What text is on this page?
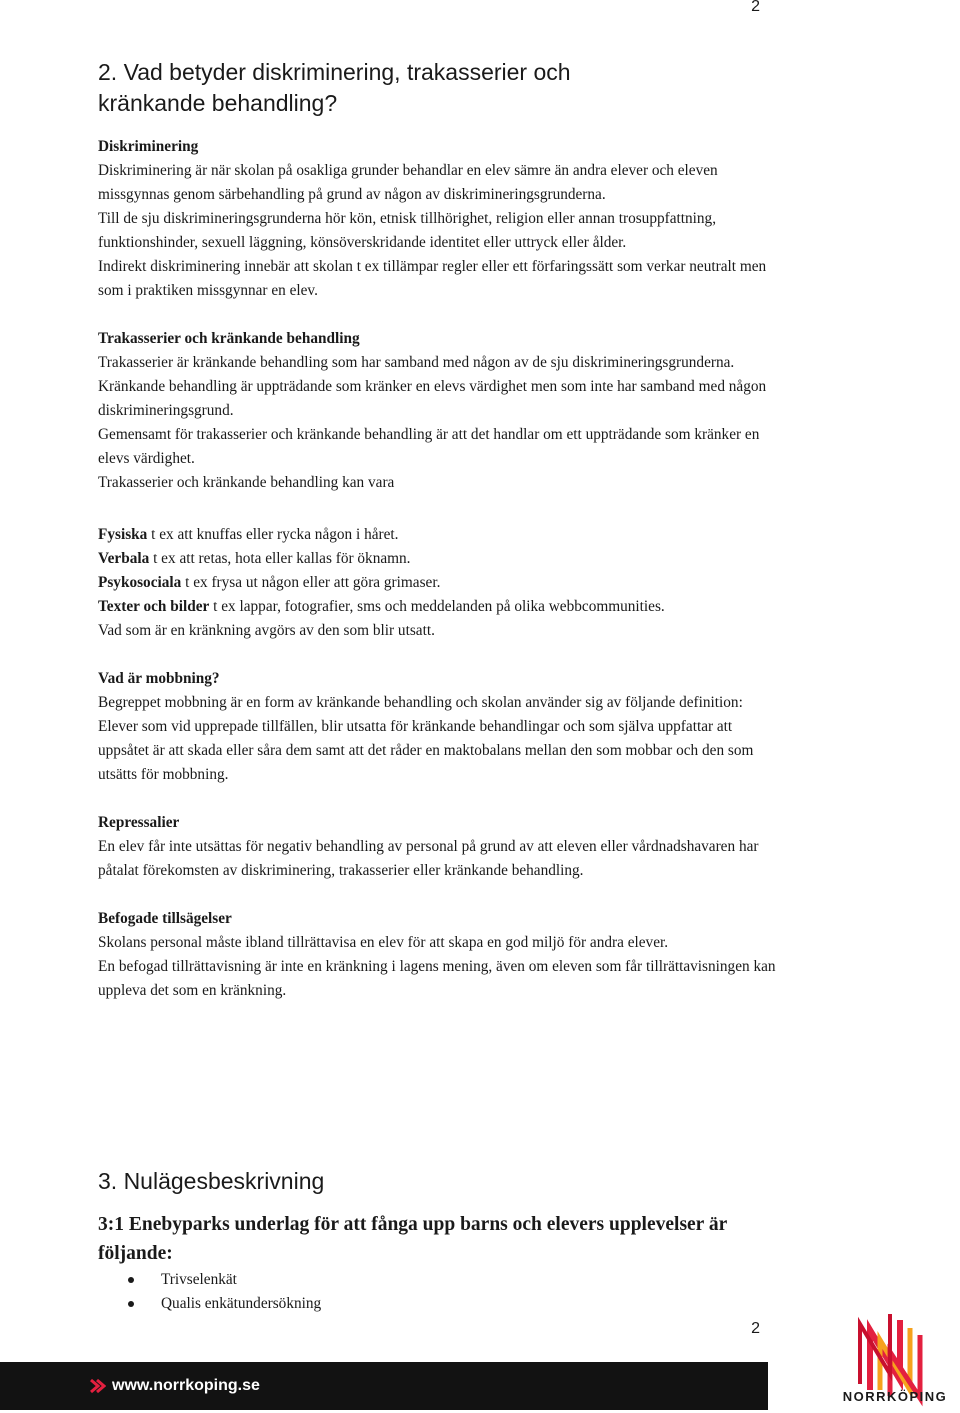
2
2. Vad betyder diskriminering, trakasserier och
kränkande behandling?

Diskriminering

Diskriminering är när skolan på osakliga grunder behandlar en elev sämre än andra elever och eleven missgynnas genom särbehandling på grund av någon av diskrimineringsgrunderna.

Till de sju diskrimineringsgrunderna hör kön, etnisk tillhörighet, religion eller annan trosuppfattning, funktionshinder, sexuell läggning, könsöverskridande identitet eller uttryck eller ålder.

Indirekt diskriminering innebär att skolan t ex tillämpar regler eller ett förfaringssätt som verkar neutralt men som i praktiken missgynnar en elev.

Trakasserier och kränkande behandling

Trakasserier är kränkande behandling som har samband med någon av de sju diskrimineringsgrunderna.

Kränkande behandling är uppträdande som kränker en elevs värdighet men som inte har samband med någon diskrimineringsgrund.

Gemensamt för trakasserier och kränkande behandling är att det handlar om ett uppträdande som kränker en elevs värdighet.

Trakasserier och kränkande behandling kan vara

Fysiska t ex att knuffas eller rycka någon i håret.

Verbala t ex att retas, hota eller kallas för öknamn.

Psykosociala t ex frysa ut någon eller att göra grimaser.

Texter och bilder t ex lappar, fotografier, sms och meddelanden på olika webbcommunities.

Vad som är en kränkning avgörs av den som blir utsatt.

Vad är mobbning?

Begreppet mobbning är en form av kränkande behandling och skolan använder sig av följande definition:

Elever som vid upprepade tillfällen, blir utsatta för kränkande behandlingar och som själva uppfattar att uppsåtet är att skada eller såra dem samt att det råder en maktobalans mellan den som mobbar och den som utsätts för mobbning.

Repressalier

En elev får inte utsättas för negativ behandling av personal på grund av att eleven eller vårdnadshavaren har påtalat förekomsten av diskriminering, trakasserier eller kränkande behandling.

Befogade tillsägelser

Skolans personal måste ibland tillrättavisa en elev för att skapa en god miljö för andra elever.

En befogad tillrättavisning är inte en kränkning i lagens mening, även om eleven som får tillrättavisningen kan uppleva det som en kränkning.

3. Nulägesbeskrivning
3:1 Enebyparks underlag för att fånga upp barns och elevers upplevelser är följande:
Trivselenkät
Qualis enkätundersökning
2
www.norrkoping.se
NORRKÖPING
